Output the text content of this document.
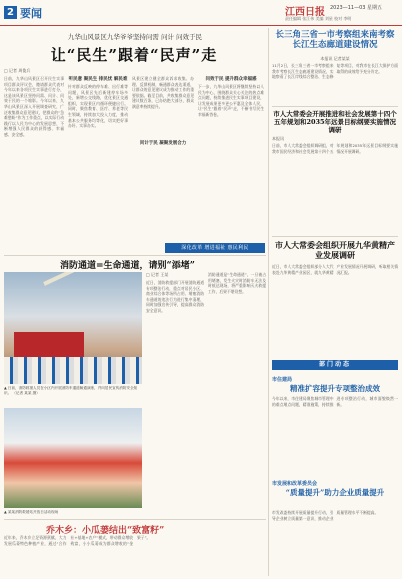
2 要闻	江西日报 2023—11—03 星期五
责任编辑 张江伟 美编 刘星 校对 李明
九华山风景区九华爷爷坚持问需 问计 问效于民
让“民生”跟着“民声”走
□ 记者 周俊兵
日前，九华山风景区召开民生实事项目群众评议会，邀请群众代表对今年以来各项民生实事进行打分，这是该风景区坚持问需、问计、问效于民的一个缩影。今年以来，九华山风景区深入开展调查研究，广泛收集群众意见建议，把群众的“急难愁盼”作为工作重点，以实际行动践行以人民为中心的发展思想，不断增强人民群众的获得感、幸福感、安全感。
听民意 聚民生 排民忧 解民难
针对群众反映的停车难、出行难等问题，风景区先后新建停车场多处，新增公交线路，优化景区交通组织，实现景区内循环便捷出行。同时，聚焦教育、医疗、养老等民生领域，持续加大投入力度，推动基本公共服务均等化，切实把好事办好、实事办实。
问计于民 凝聚发展合力
风景区建立健全群众诉求收集、办理、反馈机制，畅通群众表达渠道，让群众的意见建议成为推动工作的重要依据。截至目前，共收集群众意见建议数百条，已办结绝大部分，群众满意率持续提升。
问效于民 提升群众幸福感
下一步，九华山风景区将继续坚持以人民为中心，围绕群众关心关注的热点难点问题，持续推进民生实事项目建设，让发展成果更多更公平惠及全体人民，让“民生”跟着“民声”走，不断书写民生幸福新答卷。
深化改革 增进福祉 惠民利民
消防通道=生命通道，请别“添堵”
▲ 日前，消防救援人员在小区内开展消防车通道畅通演练，并向居民宣传消防安全知识。 （记者 某某 摄）
▲ 某某消防救援站开放日活动现场
□ 记者 王某
近日，消防救援部门开展消防通道专项整治行动，重点对居民小区、商业综合体等场所占用、堵塞消防车通道的违法行为进行集中清理，同时加强宣传引导，提高群众消防安全意识。
消防通道是“生命通道”，一旦被占用堵塞，发生火灾时消防车无法及时抵达现场，将严重影响灭火救援工作，后果不堪设想。
乔木乡：小瓜蒌结出“致富籽”
近年来，乔木乡立足资源禀赋，大力发展瓜蒌特色种植产业，通过“合作社+基地+农户”模式，带动群众增收致富，小小瓜蒌成为群众增收的“金果子”。
长三角三省一市考察组来南考察长江生态廊道建设情况
本报讯 记者某某
11月2日，长三角三省一市考察组来我市考察长江生态廊道建设情况，实地察看了长江岸线综合整治、生态修复等项目，对我市在长江大保护方面取得的成效给予充分肯定。
市人大常委会开展推进和社会发展第十四个五年规划和2035年远景目标纲要实施情况调研
本报讯
日前，市人大常委会组织调研组，对我市国民经济和社会发展第十四个五年规划和2035年远景目标纲要实施情况开展调研。
市人大常委会组织开展九华黄精产业发展调研
近日，市人大常委会组织部分人大代表赴九华黄精产业园区，就九华黄精产业发展情况开展调研，听取相关情况汇报。
部门动态
市住建局
精准扩容提升专项整治成效
今年以来，市住建局聚焦城市管理中的难点堵点问题，精准施策，持续推进专项整治行动，城市面貌焕然一新。
市发展和改革委员会
“质量提升”助力企业质量提升
市发改委持续开展质量提升行动，引导企业树立质量第一意识，推动企业质量管理水平不断提高。
